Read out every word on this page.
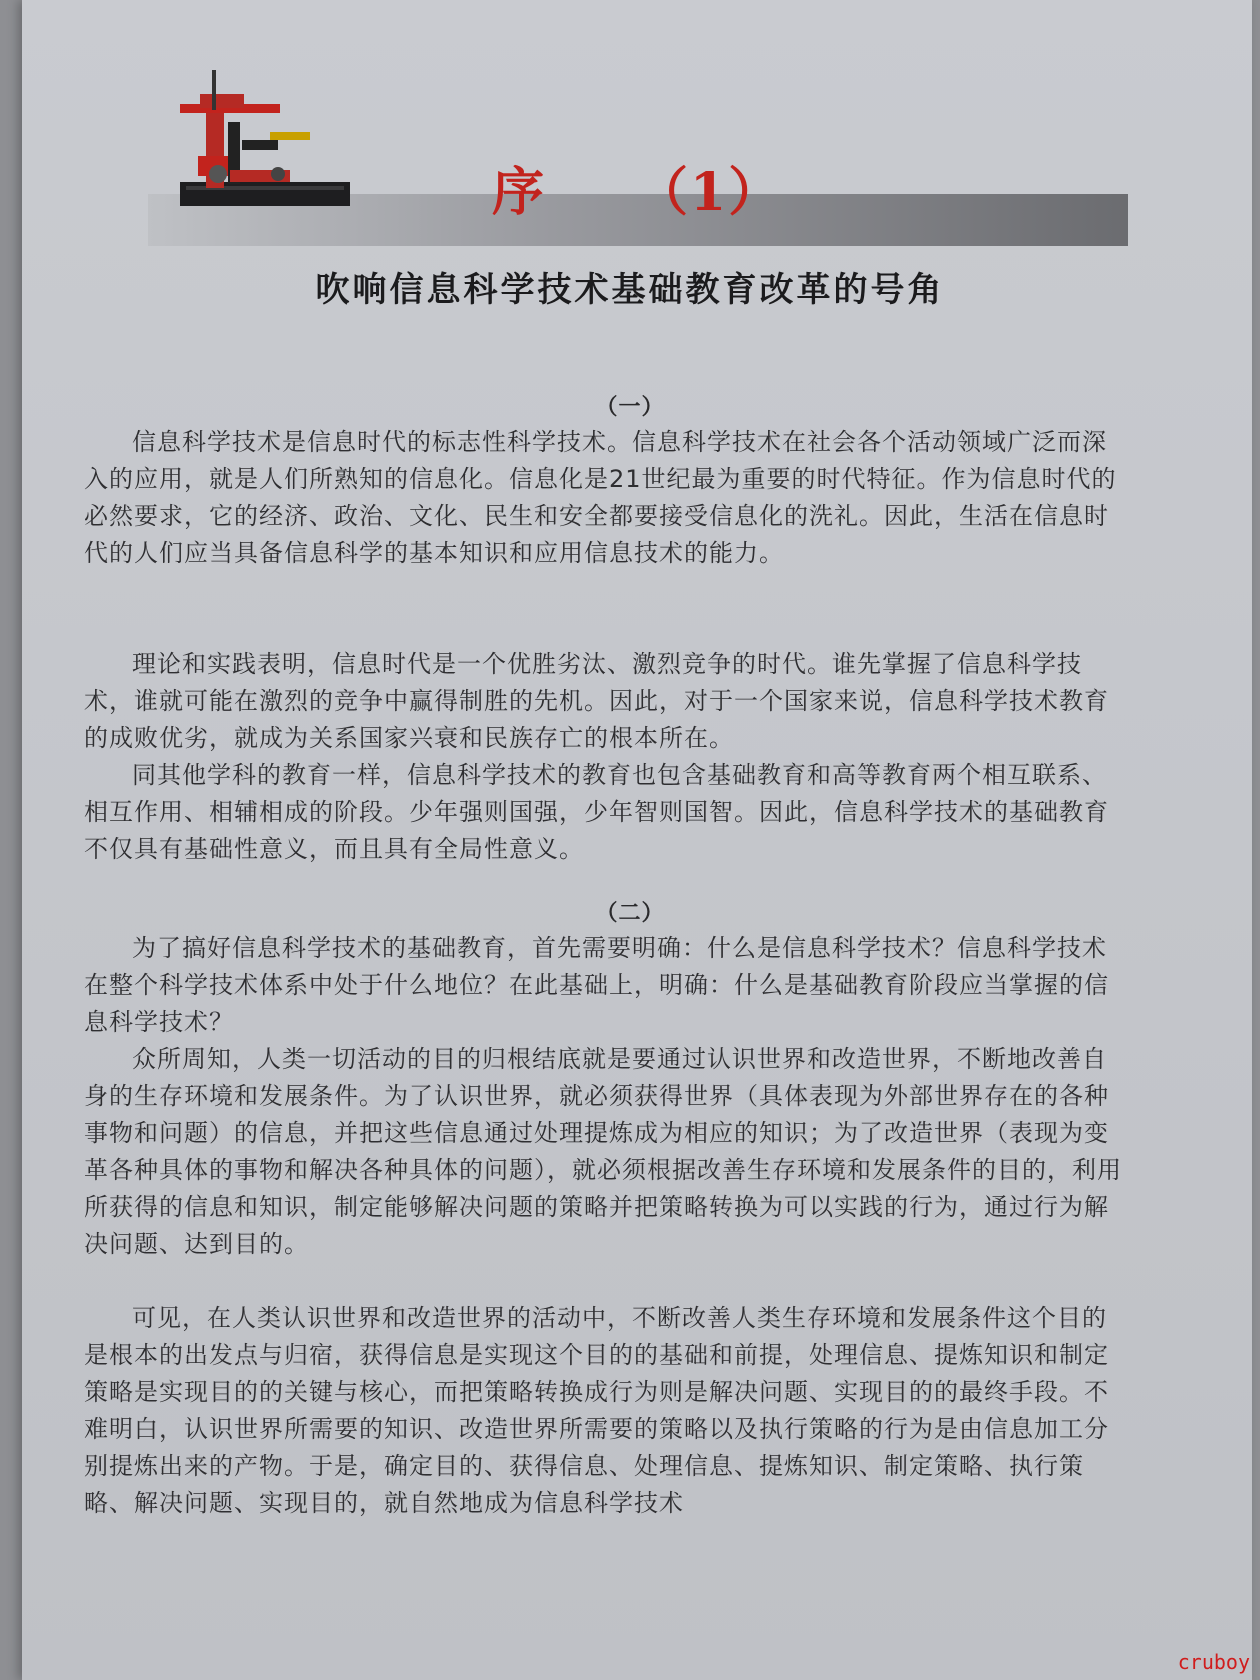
序 （1）
吹响信息科学技术基础教育改革的号角
（一）

信息科学技术是信息时代的标志性科学技术。信息科学技术在社会各个活动领域广泛而深入的应用，就是人们所熟知的信息化。信息化是21世纪最为重要的时代特征。作为信息时代的必然要求，它的经济、政治、文化、民生和安全都要接受信息化的洗礼。因此，生活在信息时代的人们应当具备信息科学的基本知识和应用信息技术的能力。

理论和实践表明，信息时代是一个优胜劣汰、激烈竞争的时代。谁先掌握了信息科学技术，谁就可能在激烈的竞争中赢得制胜的先机。因此，对于一个国家来说，信息科学技术教育的成败优劣，就成为关系国家兴衰和民族存亡的根本所在。

同其他学科的教育一样，信息科学技术的教育也包含基础教育和高等教育两个相互联系、相互作用、相辅相成的阶段。少年强则国强，少年智则国智。因此，信息科学技术的基础教育不仅具有基础性意义，而且具有全局性意义。

（二）

为了搞好信息科学技术的基础教育，首先需要明确：什么是信息科学技术？信息科学技术在整个科学技术体系中处于什么地位？在此基础上，明确：什么是基础教育阶段应当掌握的信息科学技术？

众所周知，人类一切活动的目的归根结底就是要通过认识世界和改造世界，不断地改善自身的生存环境和发展条件。为了认识世界，就必须获得世界（具体表现为外部世界存在的各种事物和问题）的信息，并把这些信息通过处理提炼成为相应的知识；为了改造世界（表现为变革各种具体的事物和解决各种具体的问题），就必须根据改善生存环境和发展条件的目的，利用所获得的信息和知识，制定能够解决问题的策略并把策略转换为可以实践的行为，通过行为解决问题、达到目的。

可见，在人类认识世界和改造世界的活动中，不断改善人类生存环境和发展条件这个目的是根本的出发点与归宿，获得信息是实现这个目的的基础和前提，处理信息、提炼知识和制定策略是实现目的的关键与核心，而把策略转换成行为则是解决问题、实现目的的最终手段。不难明白，认识世界所需要的知识、改造世界所需要的策略以及执行策略的行为是由信息加工分别提炼出来的产物。于是，确定目的、获得信息、处理信息、提炼知识、制定策略、执行策略、解决问题、实现目的，就自然地成为信息科学技术

cruboy
